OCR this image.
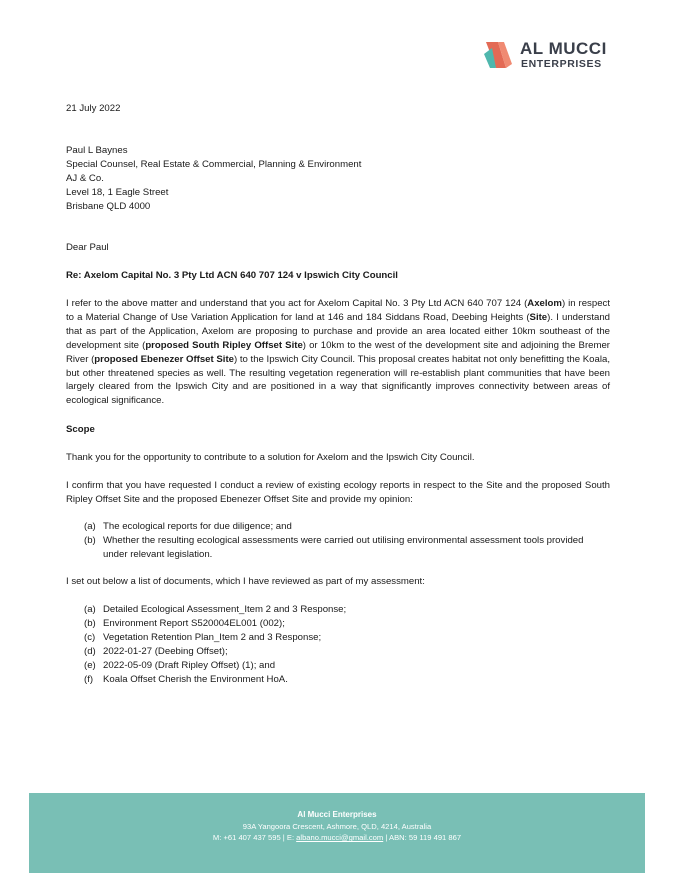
AL MUCCI
ENTERPRISES
21 July 2022
Paul L Baynes
Special Counsel, Real Estate & Commercial, Planning & Environment
AJ & Co.
Level 18, 1 Eagle Street
Brisbane QLD 4000
Dear Paul
Re: Axelom Capital No. 3 Pty Ltd ACN 640 707 124 v Ipswich City Council
I refer to the above matter and understand that you act for Axelom Capital No. 3 Pty Ltd ACN 640 707 124 (Axelom) in respect to a Material Change of Use Variation Application for land at 146 and 184 Siddans Road, Deebing Heights (Site). I understand that as part of the Application, Axelom are proposing to purchase and provide an area located either 10km southeast of the development site (proposed South Ripley Offset Site) or 10km to the west of the development site and adjoining the Bremer River (proposed Ebenezer Offset Site) to the Ipswich City Council. This proposal creates habitat not only benefitting the Koala, but other threatened species as well. The resulting vegetation regeneration will re-establish plant communities that have been largely cleared from the Ipswich City and are positioned in a way that significantly improves connectivity between areas of ecological significance.
Scope
Thank you for the opportunity to contribute to a solution for Axelom and the Ipswich City Council.
I confirm that you have requested I conduct a review of existing ecology reports in respect to the Site and the proposed South Ripley Offset Site and the proposed Ebenezer Offset Site and provide my opinion:
(a) The ecological reports for due diligence; and
(b) Whether the resulting ecological assessments were carried out utilising environmental assessment tools provided under relevant legislation.
I set out below a list of documents, which I have reviewed as part of my assessment:
(a) Detailed Ecological Assessment_Item 2 and 3 Response;
(b) Environment Report S520004EL001 (002);
(c) Vegetation Retention Plan_Item 2 and 3 Response;
(d) 2022-01-27 (Deebing Offset);
(e) 2022-05-09 (Draft Ripley Offset) (1); and
(f) Koala Offset Cherish the Environment HoA.
Al Mucci Enterprises
93A Yangoora Crescent, Ashmore, QLD, 4214, Australia
M: +61 407 437 595 | E: albano.mucci@gmail.com | ABN: 59 119 491 867
